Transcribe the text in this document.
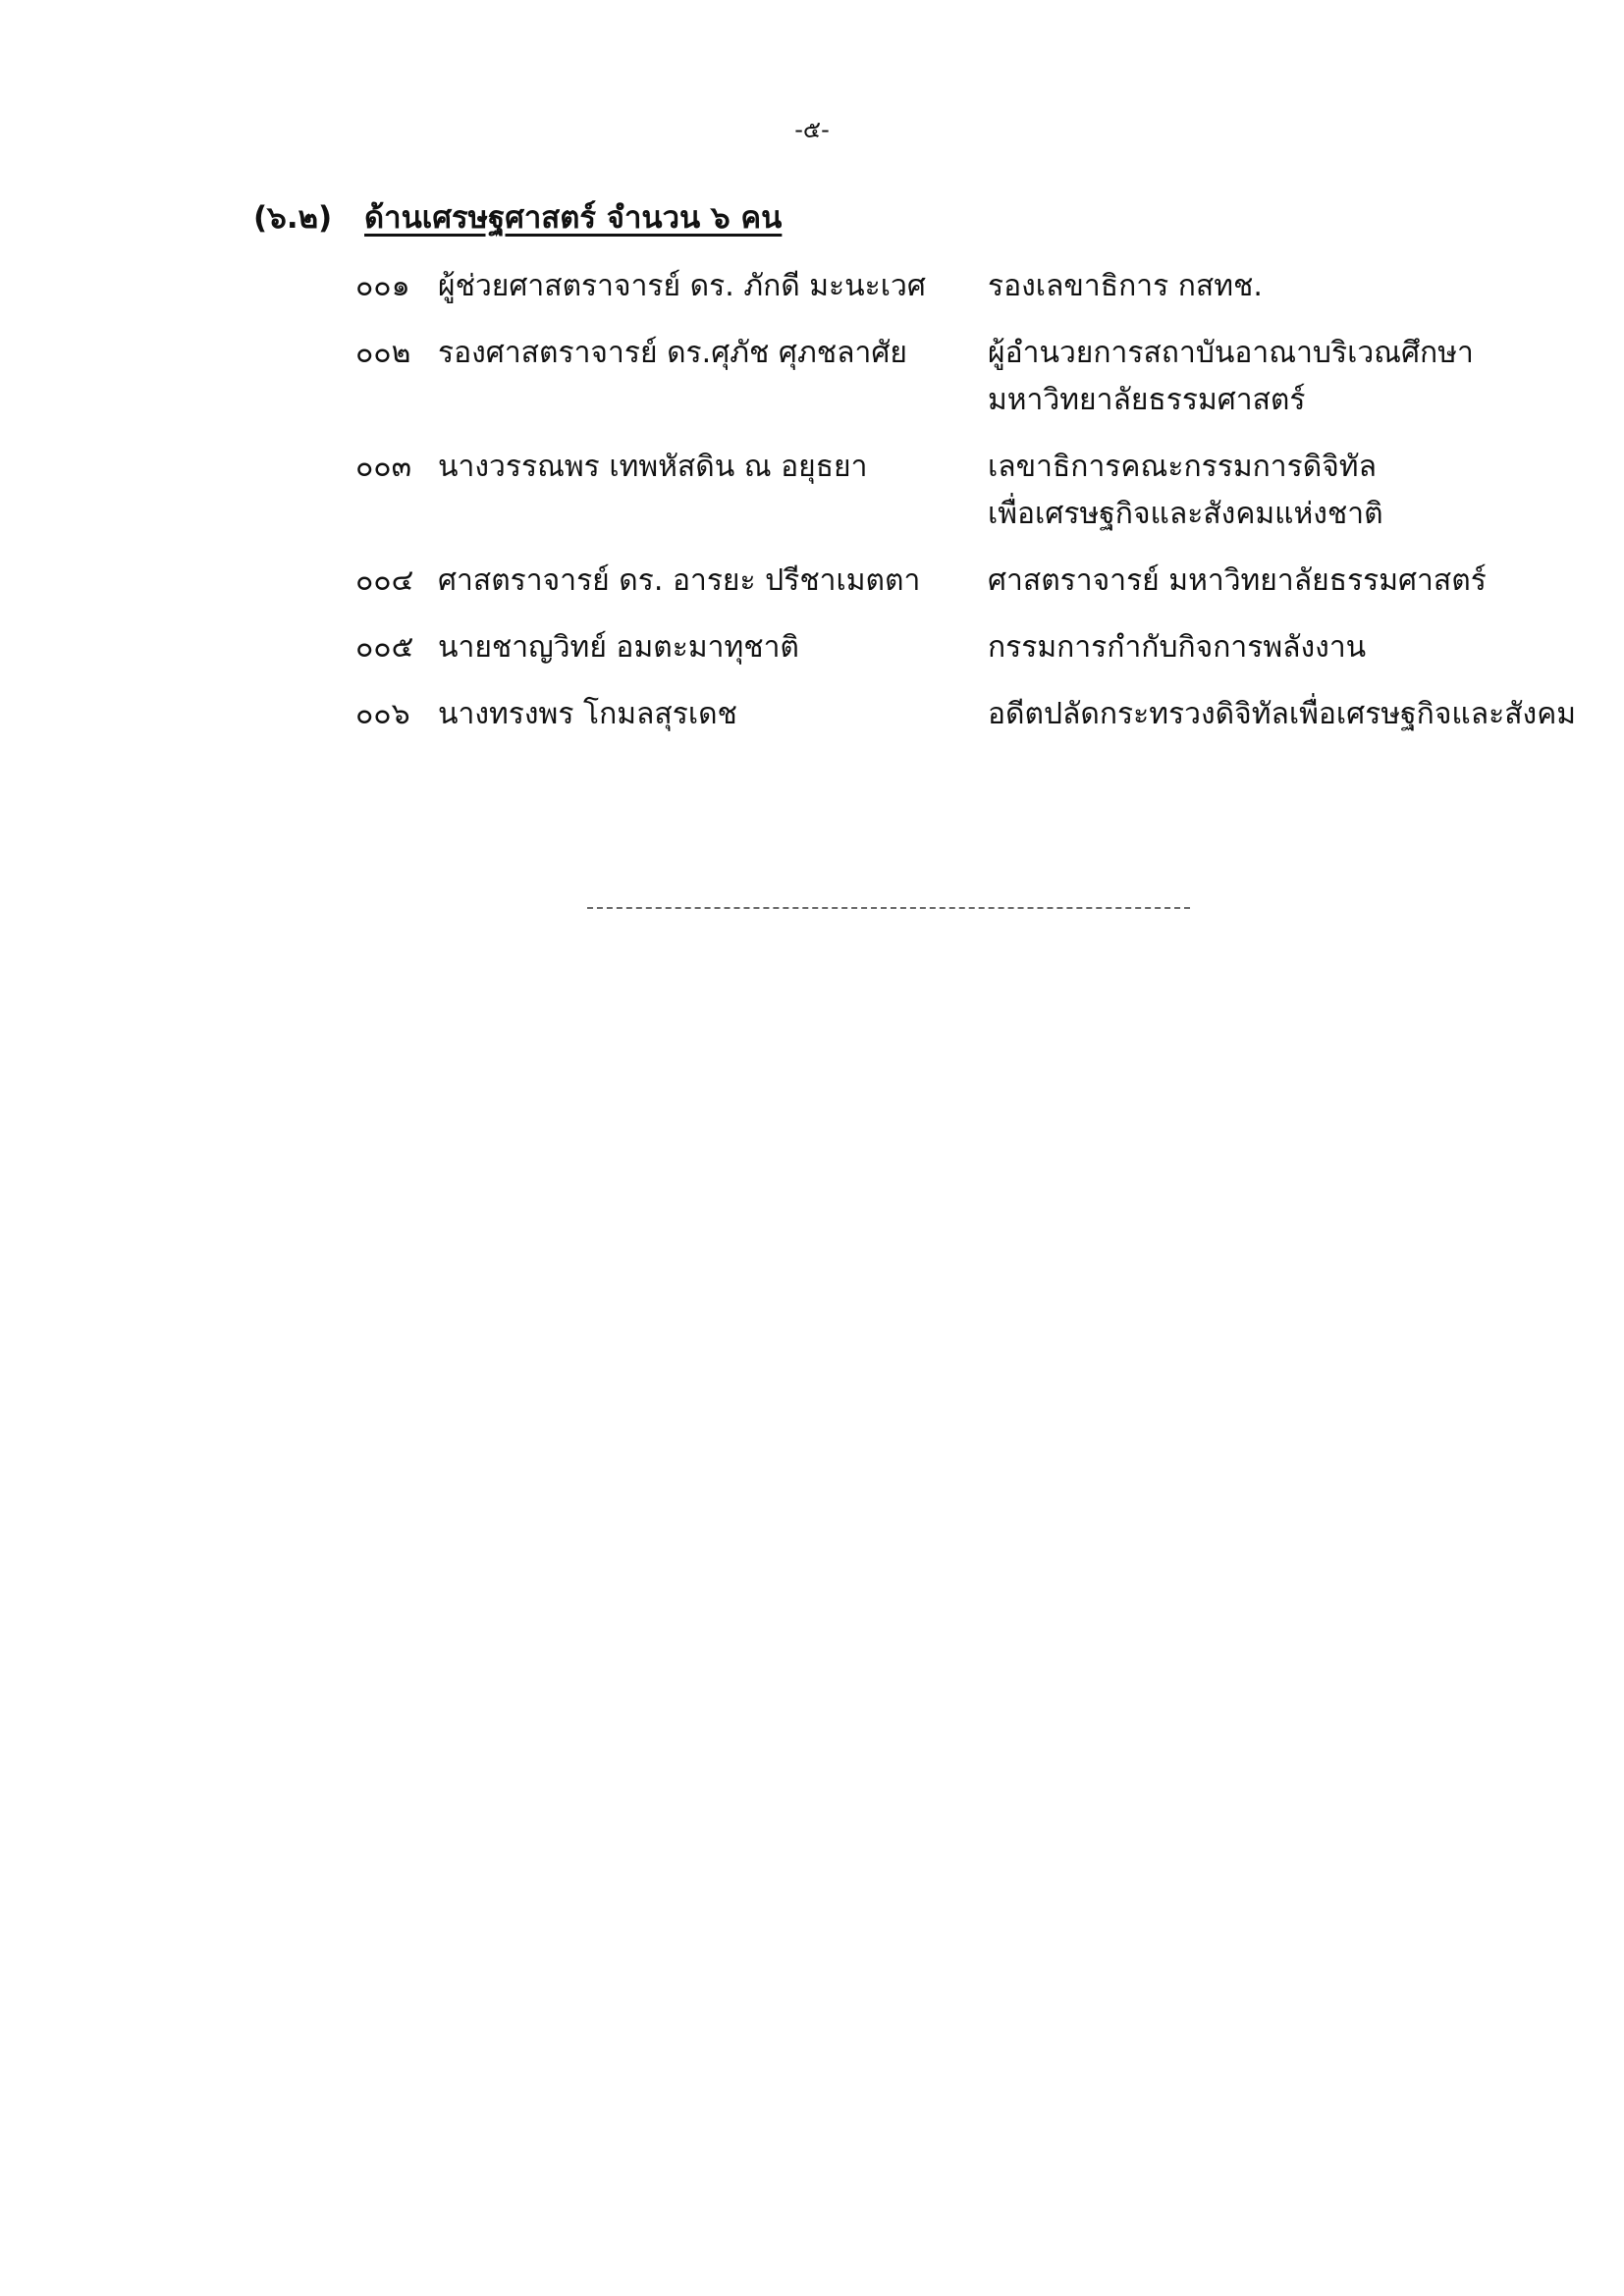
-๕-
(๖.๒) ด้านเศรษฐศาสตร์ จำนวน ๖ คน
๐๐๑ ผู้ช่วยศาสตราจารย์ ดร. ภักดี มะนะเวศ	รองเลขาธิการ กสทช.
๐๐๒ รองศาสตราจารย์ ดร.ศุภัช ศุภชลาศัย	ผู้อำนวยการสถาบันอาณาบริเวณศึกษา
มหาวิทยาลัยธรรมศาสตร์
๐๐๓ นางวรรณพร เทพหัสดิน ณ อยุธยา	เลขาธิการคณะกรรมการดิจิทัล
เพื่อเศรษฐกิจและสังคมแห่งชาติ
๐๐๔ ศาสตราจารย์ ดร. อารยะ ปรีชาเมตตา	ศาสตราจารย์ มหาวิทยาลัยธรรมศาสตร์
๐๐๕ นายชาญวิทย์ อมตะมาทุชาติ	กรรมการกำกับกิจการพลังงาน
๐๐๖ นางทรงพร โกมลสุรเดช	อดีตปลัดกระทรวงดิจิทัลเพื่อเศรษฐกิจและสังคม
